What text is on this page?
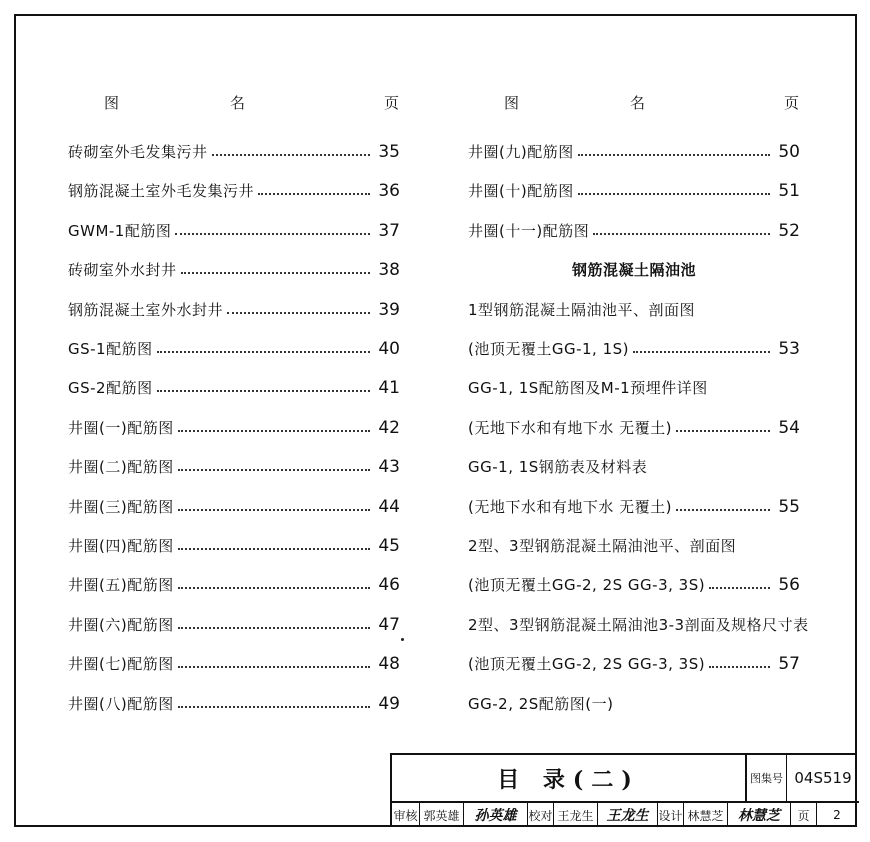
图	名	页
砖砌室外毛发集污井	35
钢筋混凝土室外毛发集污井	36
GWM-1配筋图	37
砖砌室外水封井	38
钢筋混凝土室外水封井	39
GS-1配筋图	40
GS-2配筋图	41
井圈(一)配筋图	42
井圈(二)配筋图	43
井圈(三)配筋图	44
井圈(四)配筋图	45
井圈(五)配筋图	46
井圈(六)配筋图	47
井圈(七)配筋图	48
井圈(八)配筋图	49
图	名	页
井圈(九)配筋图	50
井圈(十)配筋图	51
井圈(十一)配筋图	52
钢筋混凝土隔油池
1型钢筋混凝土隔油池平、剖面图
(池顶无覆土GG-1, 1S)	53
GG-1, 1S配筋图及M-1预埋件详图
(无地下水和有地下水 无覆土)	54
GG-1, 1S钢筋表及材料表
(无地下水和有地下水 无覆土)	55
2型、3型钢筋混凝土隔油池平、剖面图
(池顶无覆土GG-2, 2S GG-3, 3S)	56
2型、3型钢筋混凝土隔油池3-3剖面及规格尺寸表
(池顶无覆土GG-2, 2S GG-3, 3S)	57
GG-2, 2S配筋图(一)
目 录(二)	图集号 04S519
审核 郭英雄	孙英雄 校对 王龙生 王龙生 设计 林慧芝	林慧芝	页	2
